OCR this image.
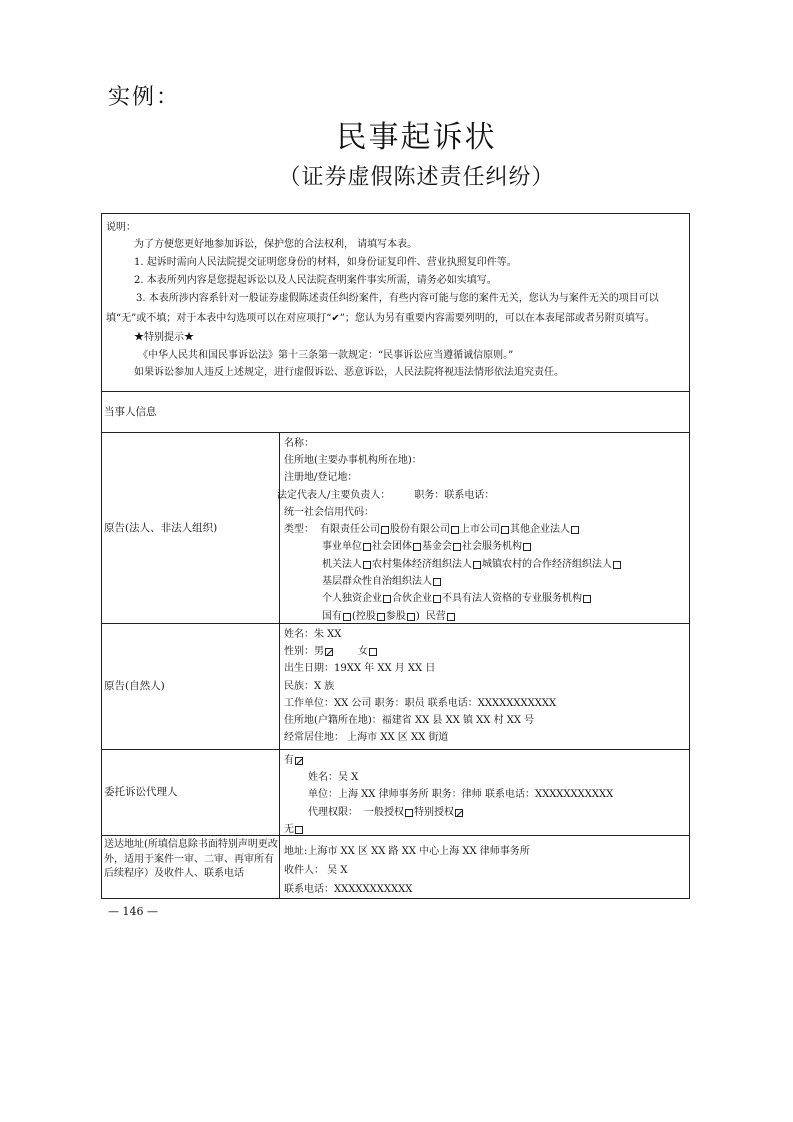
实例：
民事起诉状
（证券虚假陈述责任纠纷）
说明：
为了方便您更好地参加诉讼，保护您的合法权利， 请填写本表。
1. 起诉时需向人民法院提交证明您身份的材料，如身份证复印件、营业执照复印件等。
2. 本表所列内容是您提起诉讼以及人民法院查明案件事实所需，请务必如实填写。
3. 本表所涉内容系针对一般证券虚假陈述责任纠纷案件，有些内容可能与您的案件无关，您认为与案件无关的项目可以填“无”或不填；对于本表中勾选项可以在对应项打“✔”；您认为另有重要内容需要列明的，可以在本表尾部或者另附页填写。
★特别提示★
《中华人民共和国民事诉讼法》第十三条第一款规定：“民事诉讼应当遵循诚信原则。”
如果诉讼参加人违反上述规定，进行虚假诉讼、恶意诉讼，人民法院将视违法情形依法追究责任。
当事人信息
原告(法人、非法人组织)
名称：
住所地(主要办事机构所在地)：
注册地/登记地：
法定代表人/主要负责人： 职务：联系电话：
统一社会信用代码：
类型： 有限责任公司 股份有限公司 上市公司 其他企业法人
事业单位 社会团体 基金会 社会服务机构
机关法人 农村集体经济组织法人 城镇农村的合作经济组织法人
基层群众性自治组织法人
个人独资企业 合伙企业 不具有法人资格的专业服务机构
国有 ( 控股 参股 ) 民营
原告(自然人)
姓名：朱 XX
性别： 男	女
出生日期：19XX 年 XX 月 XX 日
民族：X 族
工作单位：XX 公司 职务：职员 联系电话：XXXXXXXXXXX
住所地(户籍所在地)：福建省 XX 县 XX 镇 XX 村 XX 号
经常居住地： 上海市 XX 区 XX 街道
委托诉讼代理人
有
姓名：吴 X
单位：上海 XX 律师事务所 职务：律师 联系电话：XXXXXXXXXXX
代理权限： 一般授权 特别授权
无
送达地址(所填信息除书面特别声明更改外，适用于案件一审、二审、再审所有后续程序）及收件人、联系电话
地址:上海市 XX 区 XX 路 XX 中心上海 XX 律师事务所
收件人： 吴 X
联系电话：XXXXXXXXXXX
— 146 —
